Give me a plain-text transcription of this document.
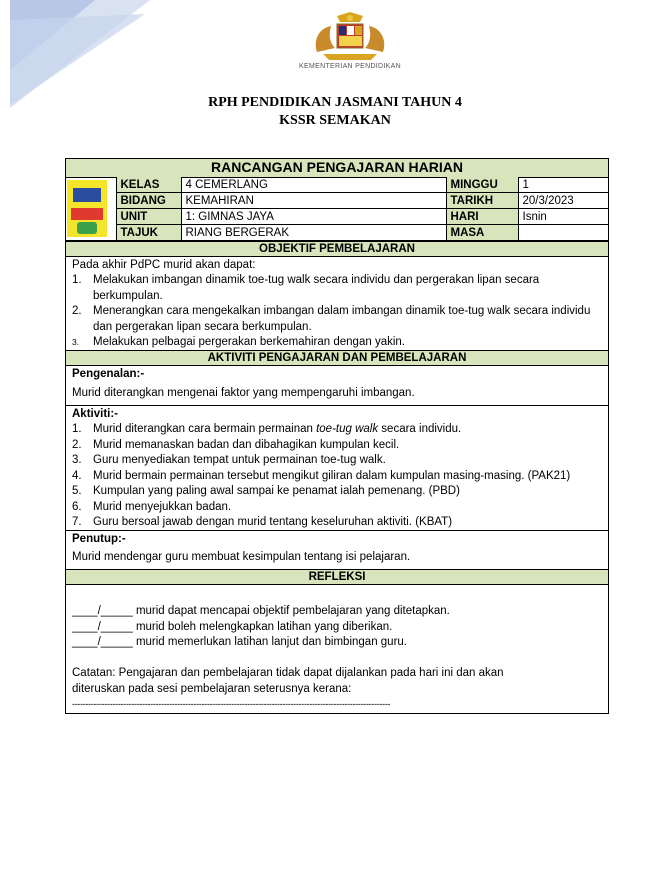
KEMENTERIAN PENDIDIKAN
RPH PENDIDIKAN JASMANI TAHUN 4
KSSR SEMAKAN
RANCANGAN PENGAJARAN HARIAN
	KELAS	4 CEMERLANG	MINGGU	1
	BIDANG	KEMAHIRAN	TARIKH	20/3/2023
	UNIT	1: GIMNAS JAYA	HARI	Isnin
	TAJUK	RIANG BERGERAK	MASA	
OBJEKTIF PEMBELAJARAN
Pada akhir PdPC murid akan dapat:
1. Melakukan imbangan dinamik toe-tug walk secara individu dan pergerakan lipan secara
berkumpulan.
2. Menerangkan cara mengekalkan imbangan dalam imbangan dinamik toe-tug walk secara individu
dan pergerakan lipan secara berkumpulan.
3. Melakukan pelbagai pergerakan berkemahiran dengan yakin.
AKTIVITI PENGAJARAN DAN PEMBELAJARAN
Pengenalan:-
Murid diterangkan mengenai faktor yang mempengaruhi imbangan.
Aktiviti:-
1. Murid diterangkan cara bermain permainan toe-tug walk secara individu.
2. Murid memanaskan badan dan dibahagikan kumpulan kecil.
3. Guru menyediakan tempat untuk permainan toe-tug walk.
4. Murid bermain permainan tersebut mengikut giliran dalam kumpulan masing-masing. (PAK21)
5. Kumpulan yang paling awal sampai ke penamat ialah pemenang. (PBD)
6. Murid menyejukkan badan.
7. Guru bersoal jawab dengan murid tentang keseluruhan aktiviti. (KBAT)
Penutup:-
Murid mendengar guru membuat kesimpulan tentang isi pelajaran.
REFLEKSI
____/_____ murid dapat mencapai objektif pembelajaran yang ditetapkan.
____/_____ murid boleh melengkapkan latihan yang diberikan.
____/_____ murid memerlukan latihan lanjut dan bimbingan guru.
Catatan: Pengajaran dan pembelajaran tidak dapat dijalankan pada hari ini dan akan
diteruskan pada sesi pembelajaran seterusnya kerana:
----------------------------------------------------------------------------------------------------------------------
